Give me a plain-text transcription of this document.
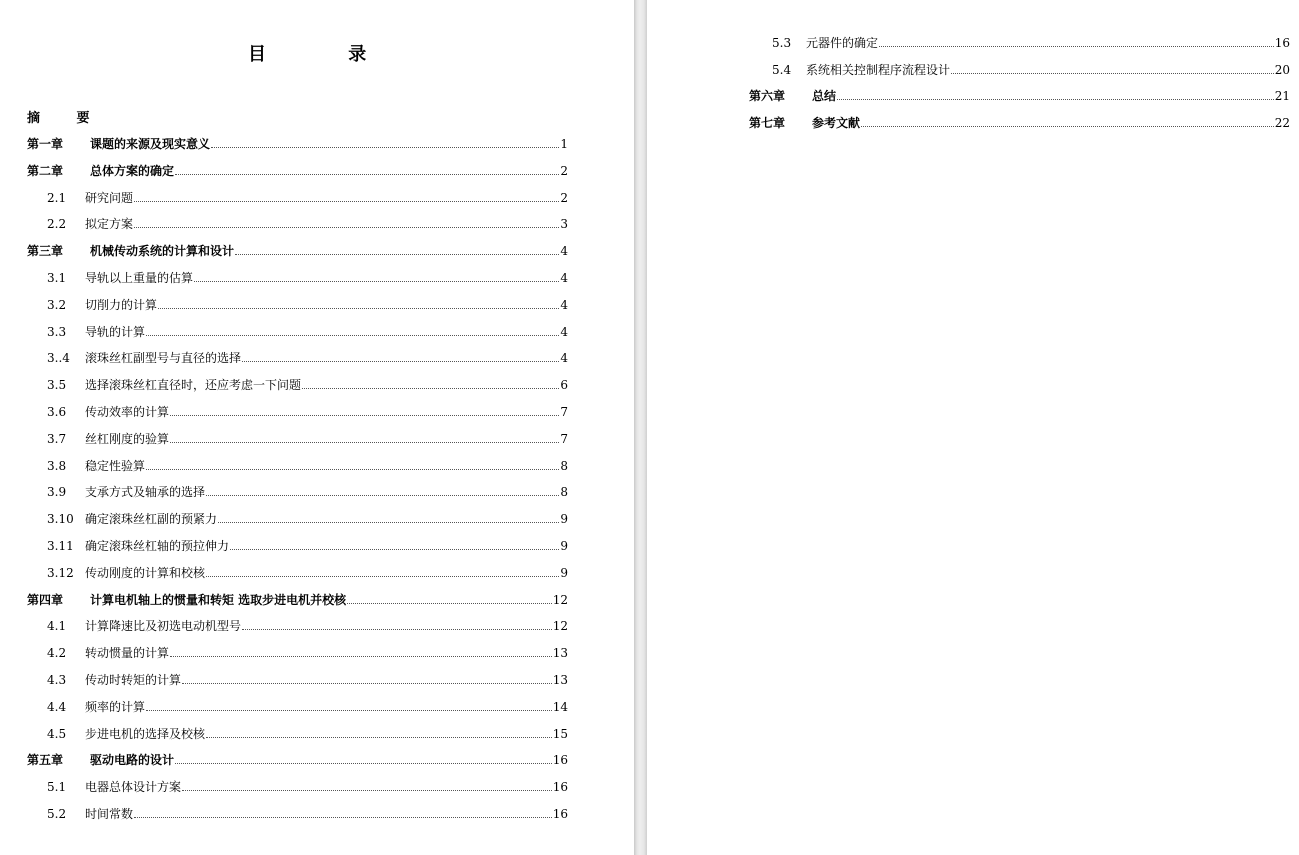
目 录
摘 要
第一章	课题的来源及现实意义	1
第二章	总体方案的确定	2
2.1	研究问题	2
2.2	拟定方案	3
第三章	机械传动系统的计算和设计	4
3.1	导轨以上重量的估算	4
3.2	切削力的计算	4
3.3	导轨的计算	4
3..4	滚珠丝杠副型号与直径的选择	4
3.5	选择滚珠丝杠直径时，还应考虑一下问题	6
3.6	传动效率的计算	7
3.7	丝杠刚度的验算	7
3.8	稳定性验算	8
3.9	支承方式及轴承的选择	8
3.10 确定滚珠丝杠副的预紧力	9
3.11 确定滚珠丝杠轴的预拉伸力	9
3.12 传动刚度的计算和校核	9
第四章	计算电机轴上的惯量和转矩 选取步进电机并校核	12
4.1	计算降速比及初选电动机型号	12
4.2	转动惯量的计算	13
4.3	传动时转矩的计算	13
4.4	频率的计算	14
4.5	步进电机的选择及校核	15
第五章	驱动电路的设计	16
5.1	电器总体设计方案	16
5.2	时间常数	16
5.3	元器件的确定	16
5.4	系统相关控制程序流程设计	20
第六章	总结	21
第七章	参考文献	22
